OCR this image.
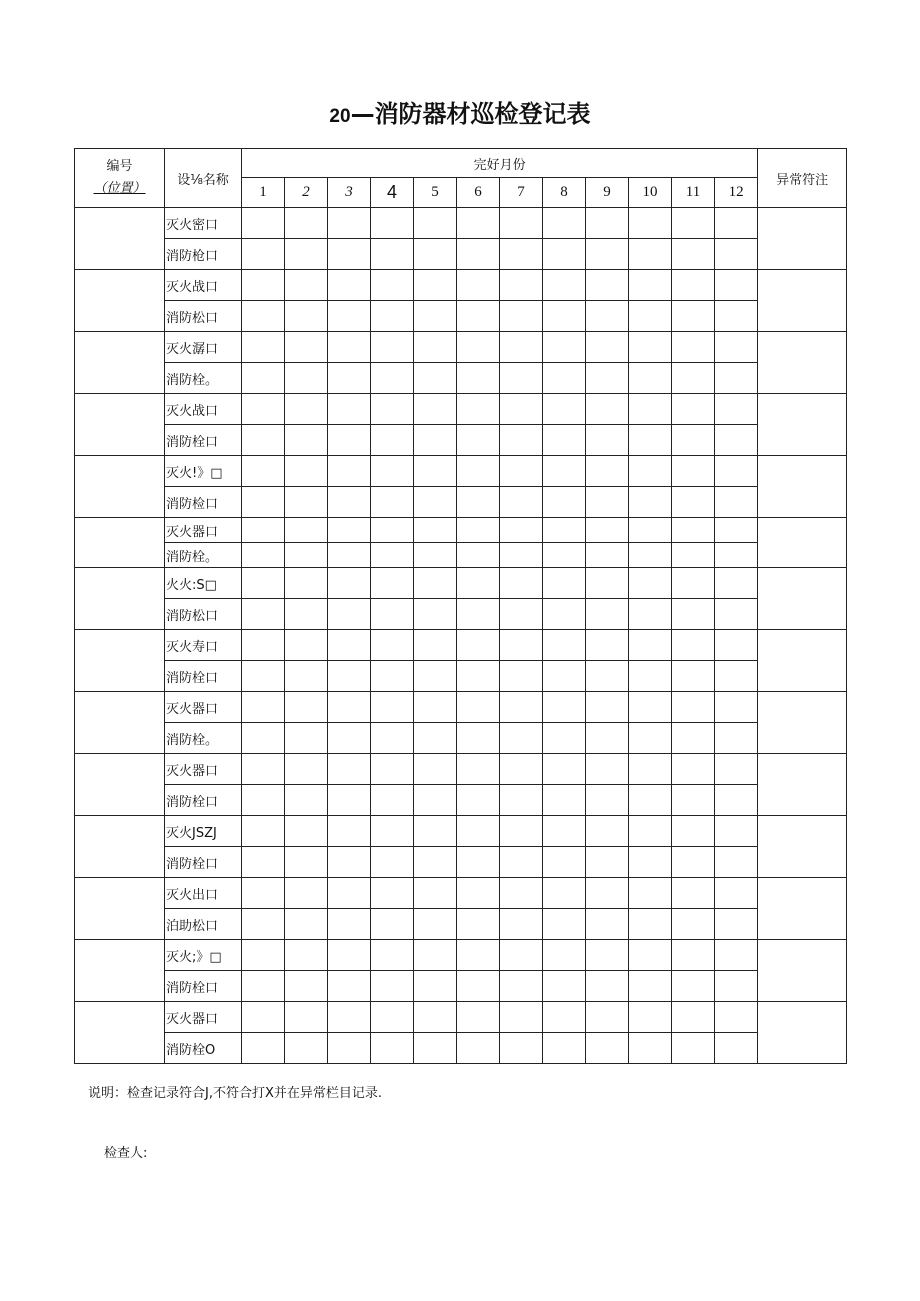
20—消防器材巡检登记表
编号
（位置）	设⅛名称	完好月份												异常符注
		1	2	3	4	5	6	7	8	9	10	11	12	
	灭火密口													
	消防枪口													
	灭火战口													
	消防松口													
	灭火潺口													
	消防栓。													
	灭火战口													
	消防栓口													
	灭火!》□													
	消防检口													
	灭火器口													
	消防栓。													
	火火:S□													
	消防松口													
	灭火寿口													
	消防栓口													
	灭火器口													
	消防栓。													
	灭火器口													
	消防栓口													
	灭火JSZJ													
	消防栓口													
	灭火出口													
	泊助松口													
	灭火;》□													
	消防栓口													
	灭火器口													
	消防栓O													
说明：检查记录符合J,不符合打X并在异常栏目记录.
检查人:
